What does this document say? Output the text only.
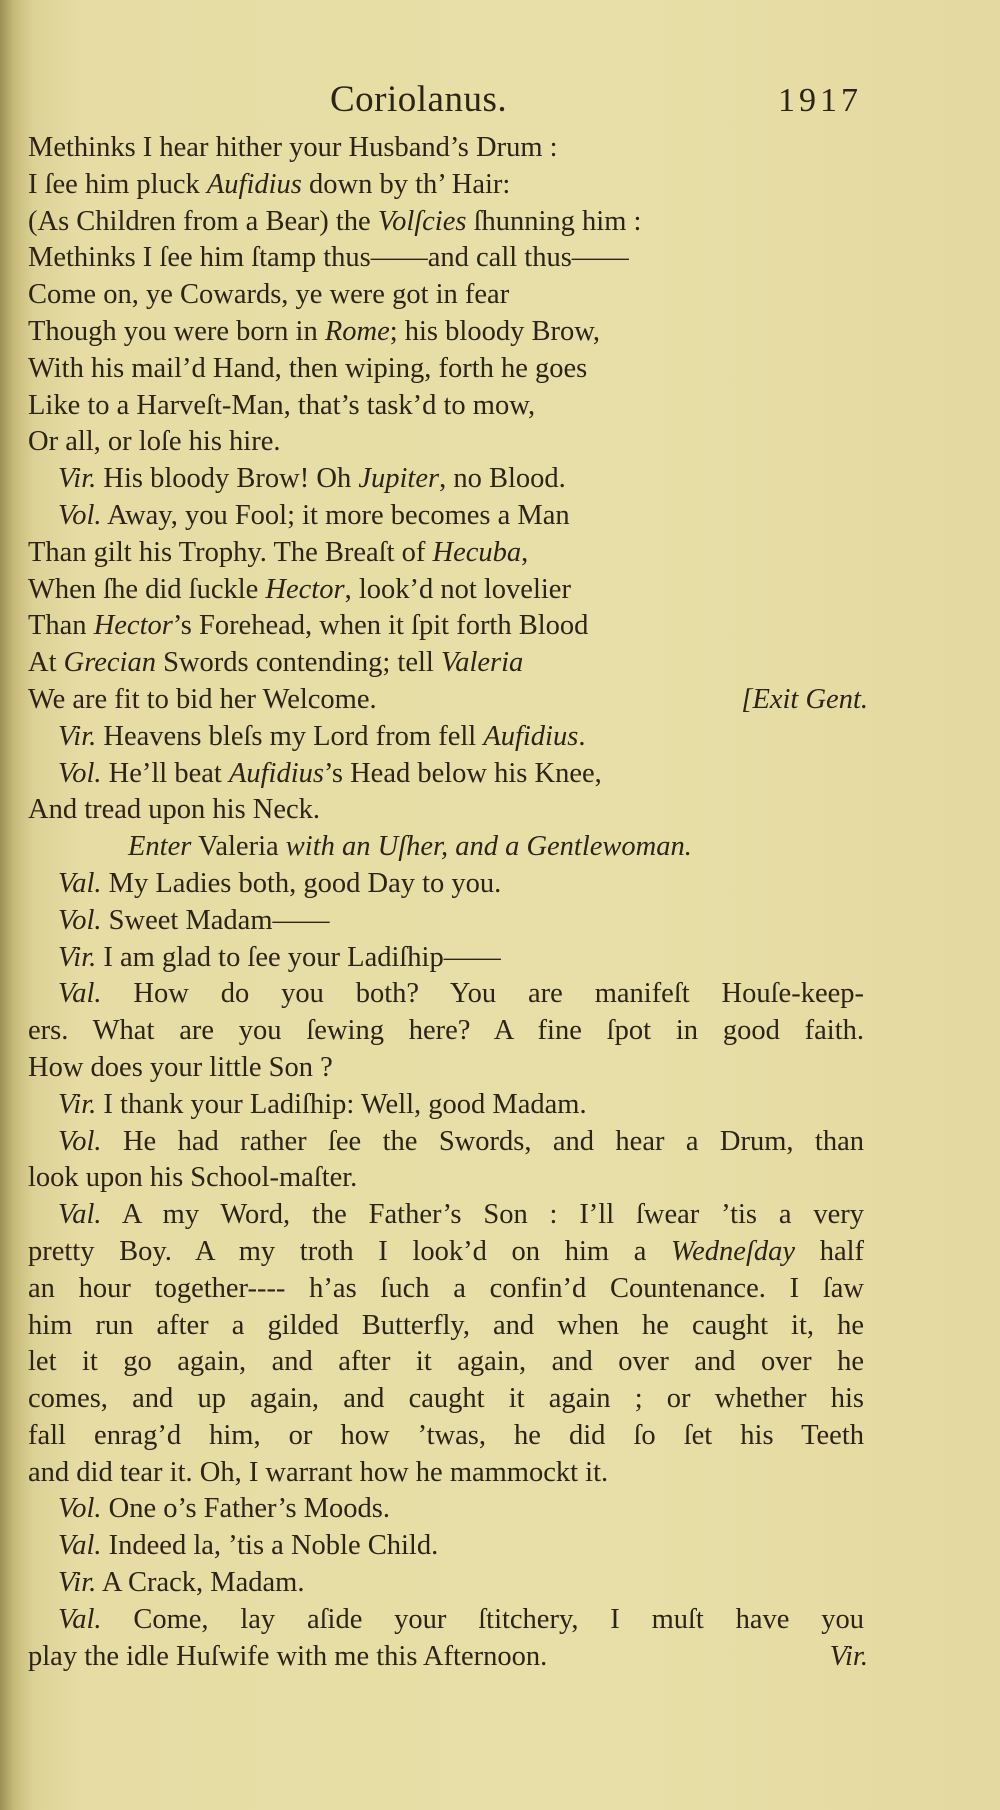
Coriolanus.	1917
Methinks I hear hither your Husband’s Drum :
I ſee him pluck Aufidius down by th’ Hair:
(As Children from a Bear) the Volſcies ſhunning him :
Methinks I ſee him ſtamp thus——and call thus——
Come on, ye Cowards, ye were got in fear
Though you were born in Rome; his bloody Brow,
With his mail’d Hand, then wiping, forth he goes
Like to a Harveſt-Man, that’s task’d to mow,
Or all, or loſe his hire.
Vir. His bloody Brow! Oh Jupiter, no Blood.
Vol. Away, you Fool; it more becomes a Man
Than gilt his Trophy. The Breaſt of Hecuba,
When ſhe did ſuckle Hector, look’d not lovelier
Than Hector’s Forehead, when it ſpit forth Blood
At Grecian Swords contending; tell Valeria
We are fit to bid her Welcome.	[Exit Gent.
Vir. Heavens bleſs my Lord from fell Aufidius.
Vol. He’ll beat Aufidius’s Head below his Knee,
And tread upon his Neck.
Enter Valeria with an Uſher, and a Gentlewoman.
Val. My Ladies both, good Day to you.
Vol. Sweet Madam——
Vir. I am glad to ſee your Ladiſhip——
Val. How do you both? You are manifeſt Houſe-keep-
ers. What are you ſewing here? A fine ſpot in good faith.
How does your little Son ?
Vir. I thank your Ladiſhip: Well, good Madam.
Vol. He had rather ſee the Swords, and hear a Drum, than
look upon his School-maſter.
Val. A my Word, the Father’s Son : I’ll ſwear ’tis a very
pretty Boy. A my troth I look’d on him a Wedneſday half
an hour together---- h’as ſuch a confin’d Countenance. I ſaw
him run after a gilded Butterfly, and when he caught it, he
let it go again, and after it again, and over and over he
comes, and up again, and caught it again ; or whether his
fall enrag’d him, or how ’twas, he did ſo ſet his Teeth
and did tear it. Oh, I warrant how he mammockt it.
Vol. One o’s Father’s Moods.
Val. Indeed la, ’tis a Noble Child.
Vir. A Crack, Madam.
Val. Come, lay aſide your ſtitchery, I muſt have you
play the idle Huſwife with me this Afternoon.	Vir.
